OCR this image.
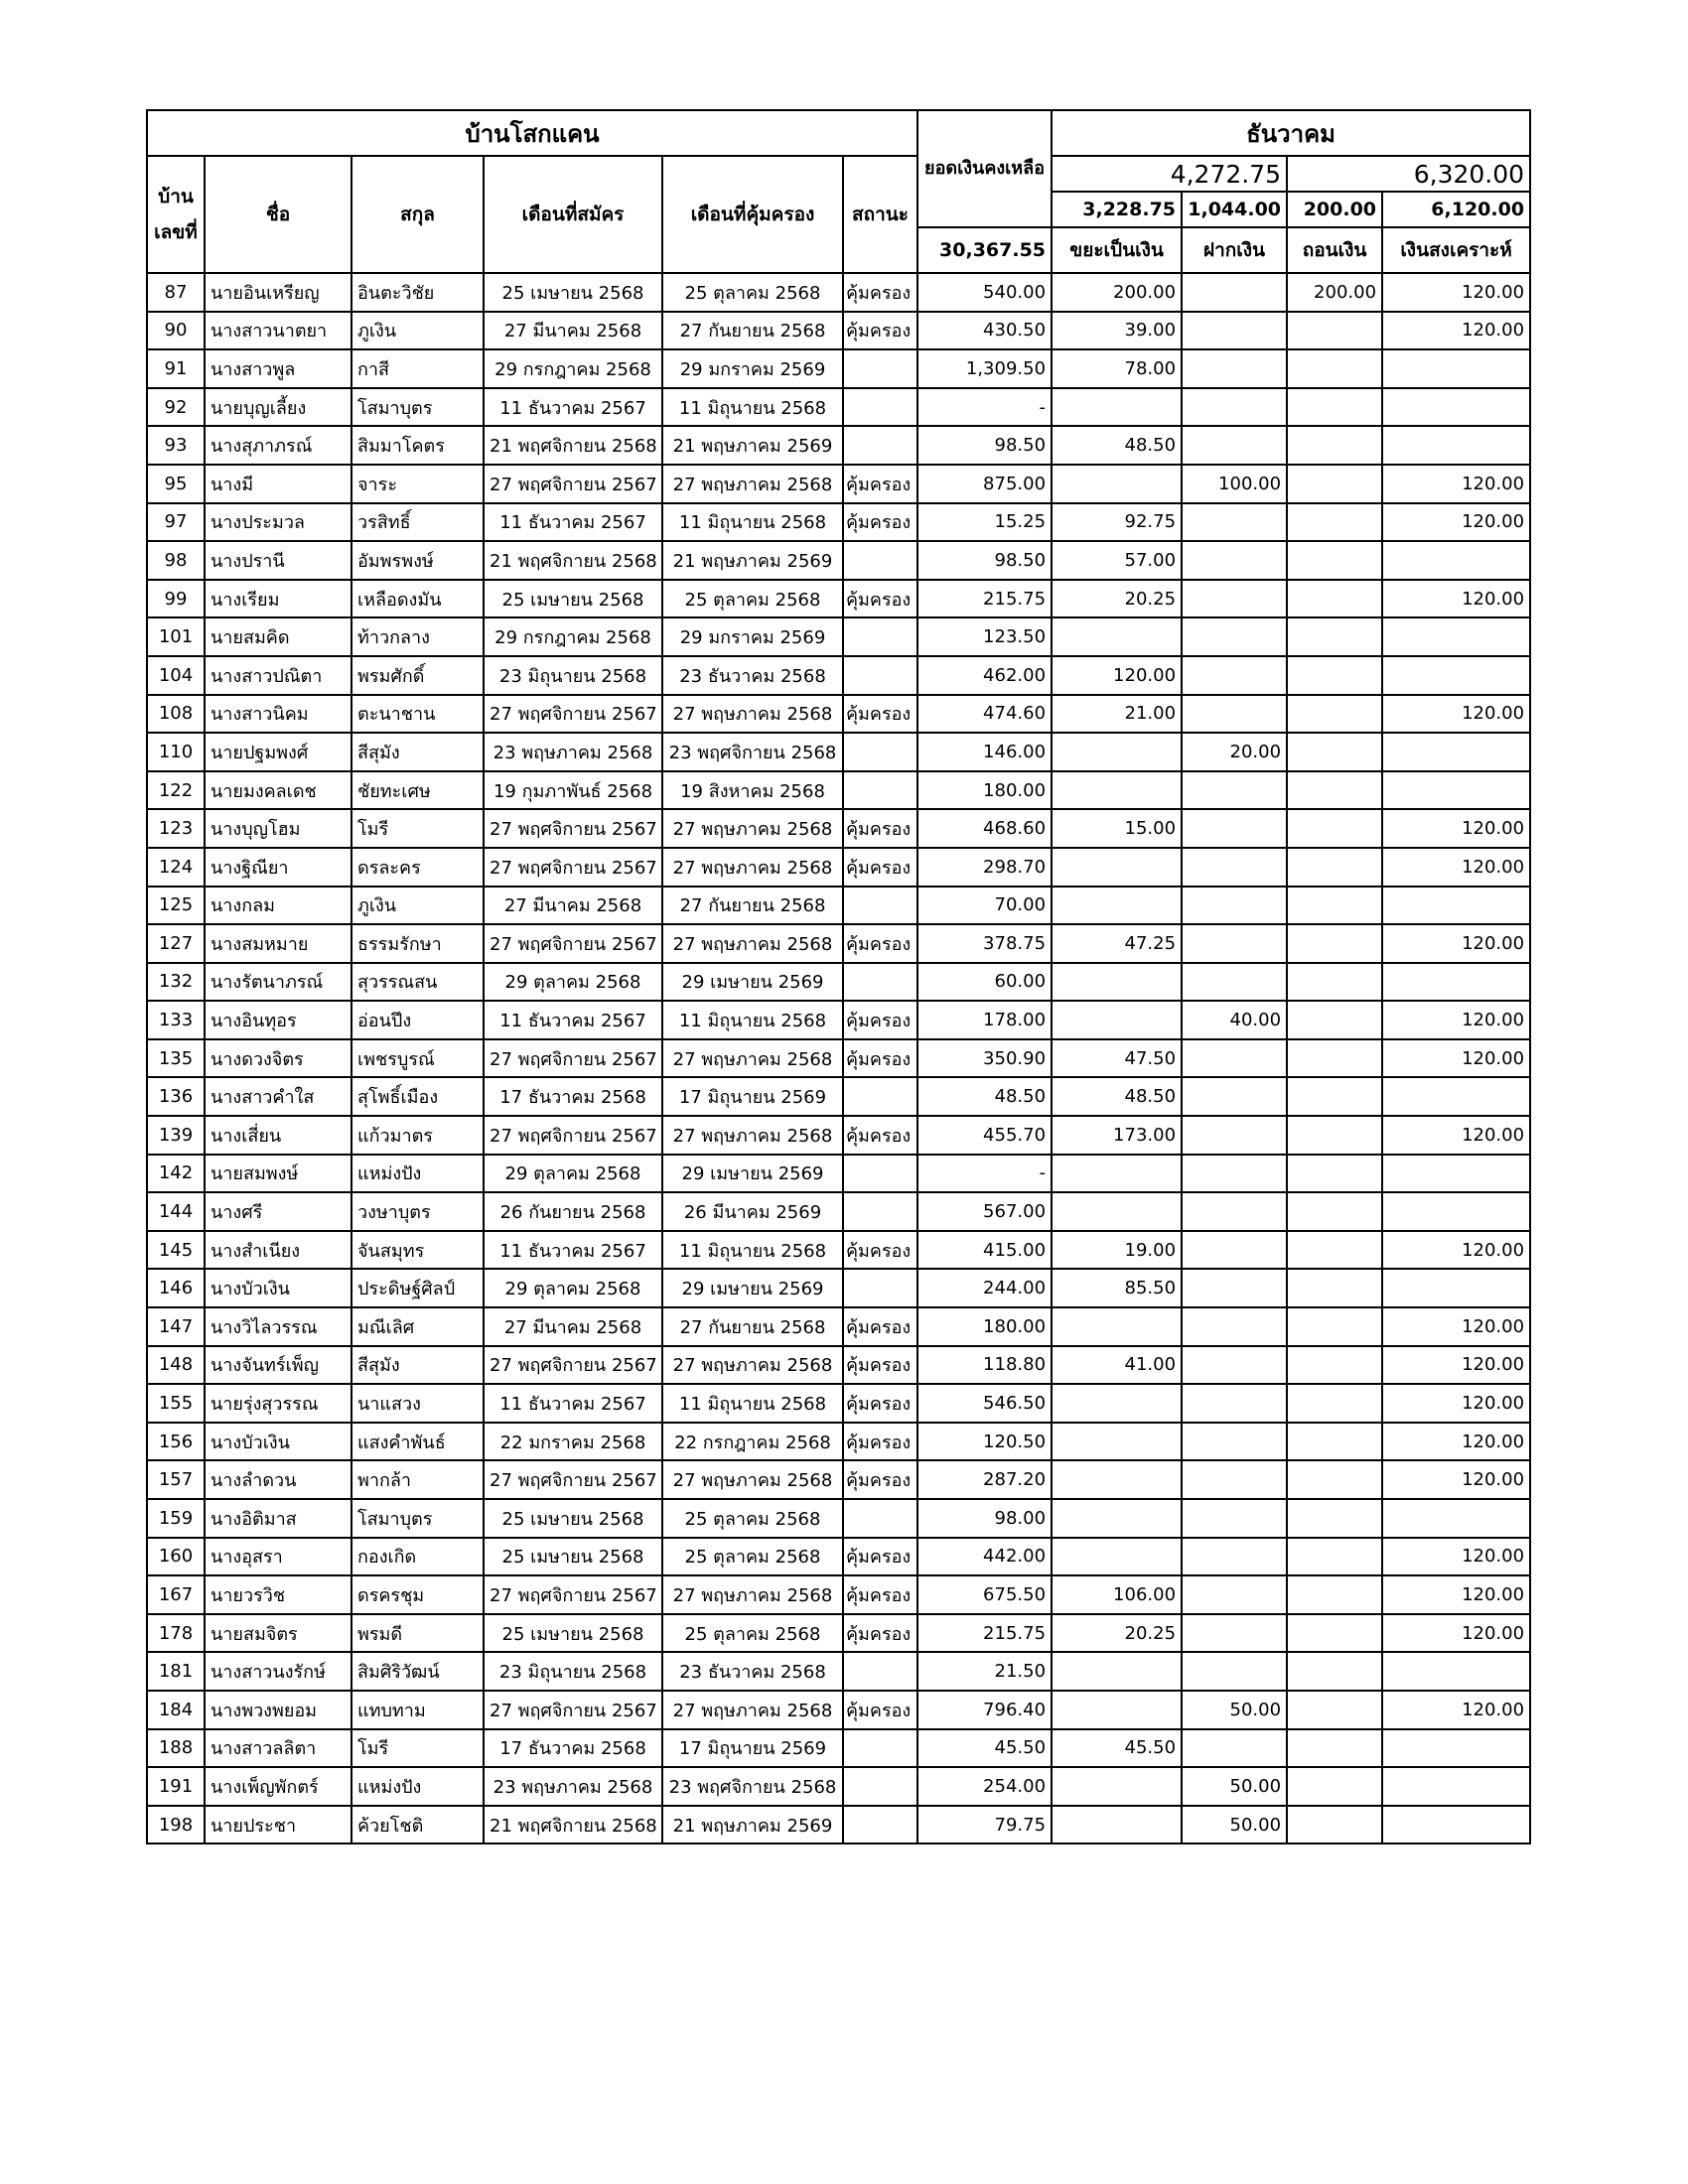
บ้านโสกแคน						ยอดเงินคงเหลือ	ธันวาคม			
บ้านเลขที่	ชื่อ	สกุล	เดือนที่สมัคร	เดือนที่คุ้มครอง	สถานะ		4,272.75		6,320.00	
							3,228.75	1,044.00	200.00	6,120.00
						30,367.55	ขยะเป็นเงิน	ฝากเงิน	ถอนเงิน	เงินสงเคราะห์
87	นายอินเหรียญ	อินตะวิชัย	25 เมษายน 2568	25 ตุลาคม 2568	คุ้มครอง	540.00	200.00		200.00	120.00
90	นางสาวนาตยา	ภูเงิน	27 มีนาคม 2568	27 กันยายน 2568	คุ้มครอง	430.50	39.00			120.00
91	นางสาวพูล	กาสี	29 กรกฎาคม 2568	29 มกราคม 2569		1,309.50	78.00			
92	นายบุญเลี้ยง	โสมาบุตร	11 ธันวาคม 2567	11 มิถุนายน 2568		-				
93	นางสุภาภรณ์	สิมมาโคตร	21 พฤศจิกายน 2568	21 พฤษภาคม 2569		98.50	48.50			
95	นางมี	จาระ	27 พฤศจิกายน 2567	27 พฤษภาคม 2568	คุ้มครอง	875.00		100.00		120.00
97	นางประมวล	วรสิทธิ์	11 ธันวาคม 2567	11 มิถุนายน 2568	คุ้มครอง	15.25	92.75			120.00
98	นางปรานี	อัมพรพงษ์	21 พฤศจิกายน 2568	21 พฤษภาคม 2569		98.50	57.00			
99	นางเรียม	เหลือดงมัน	25 เมษายน 2568	25 ตุลาคม 2568	คุ้มครอง	215.75	20.25			120.00
101	นายสมคิด	ท้าวกลาง	29 กรกฎาคม 2568	29 มกราคม 2569		123.50				
104	นางสาวปณิตา	พรมศักดิ์	23 มิถุนายน 2568	23 ธันวาคม 2568		462.00	120.00			
108	นางสาวนิคม	ตะนาชาน	27 พฤศจิกายน 2567	27 พฤษภาคม 2568	คุ้มครอง	474.60	21.00			120.00
110	นายปฐมพงศ์	สีสุมัง	23 พฤษภาคม 2568	23 พฤศจิกายน 2568		146.00		20.00		
122	นายมงคลเดช	ชัยทะเศษ	19 กุมภาพันธ์ 2568	19 สิงหาคม 2568		180.00				
123	นางบุญโฮม	โมรี	27 พฤศจิกายน 2567	27 พฤษภาคม 2568	คุ้มครอง	468.60	15.00			120.00
124	นางฐิณียา	ดรละคร	27 พฤศจิกายน 2567	27 พฤษภาคม 2568	คุ้มครอง	298.70				120.00
125	นางกลม	ภูเงิน	27 มีนาคม 2568	27 กันยายน 2568		70.00				
127	นางสมหมาย	ธรรมรักษา	27 พฤศจิกายน 2567	27 พฤษภาคม 2568	คุ้มครอง	378.75	47.25			120.00
132	นางรัตนาภรณ์	สุวรรณสน	29 ตุลาคม 2568	29 เมษายน 2569		60.00				
133	นางอินทุอร	อ่อนปึง	11 ธันวาคม 2567	11 มิถุนายน 2568	คุ้มครอง	178.00		40.00		120.00
135	นางดวงจิตร	เพชรบูรณ์	27 พฤศจิกายน 2567	27 พฤษภาคม 2568	คุ้มครอง	350.90	47.50			120.00
136	นางสาวคำใส	สุโพธิ์เมือง	17 ธันวาคม 2568	17 มิถุนายน 2569		48.50	48.50			
139	นางเสี่ยน	แก้วมาตร	27 พฤศจิกายน 2567	27 พฤษภาคม 2568	คุ้มครอง	455.70	173.00			120.00
142	นายสมพงษ์	แหม่งปัง	29 ตุลาคม 2568	29 เมษายน 2569		-				
144	นางศรี	วงษาบุตร	26 กันยายน 2568	26 มีนาคม 2569		567.00				
145	นางสำเนียง	จันสมุทร	11 ธันวาคม 2567	11 มิถุนายน 2568	คุ้มครอง	415.00	19.00			120.00
146	นางบัวเงิน	ประดิษฐ์ศิลป์	29 ตุลาคม 2568	29 เมษายน 2569		244.00	85.50			
147	นางวิไลวรรณ	มณีเลิศ	27 มีนาคม 2568	27 กันยายน 2568	คุ้มครอง	180.00				120.00
148	นางจันทร์เพ็ญ	สีสุมัง	27 พฤศจิกายน 2567	27 พฤษภาคม 2568	คุ้มครอง	118.80	41.00			120.00
155	นายรุ่งสุวรรณ	นาแสวง	11 ธันวาคม 2567	11 มิถุนายน 2568	คุ้มครอง	546.50				120.00
156	นางบัวเงิน	แสงคำพันธ์	22 มกราคม 2568	22 กรกฎาคม 2568	คุ้มครอง	120.50				120.00
157	นางลำดวน	พากล้า	27 พฤศจิกายน 2567	27 พฤษภาคม 2568	คุ้มครอง	287.20				120.00
159	นางอิติมาส	โสมาบุตร	25 เมษายน 2568	25 ตุลาคม 2568		98.00				
160	นางอุสรา	กองเกิด	25 เมษายน 2568	25 ตุลาคม 2568	คุ้มครอง	442.00				120.00
167	นายวรวิช	ดรครชุม	27 พฤศจิกายน 2567	27 พฤษภาคม 2568	คุ้มครอง	675.50	106.00			120.00
178	นายสมจิตร	พรมดี	25 เมษายน 2568	25 ตุลาคม 2568	คุ้มครอง	215.75	20.25			120.00
181	นางสาวนงรักษ์	สิมศิริวัฒน์	23 มิถุนายน 2568	23 ธันวาคม 2568		21.50				
184	นางพวงพยอม	แทบทาม	27 พฤศจิกายน 2567	27 พฤษภาคม 2568	คุ้มครอง	796.40		50.00		120.00
188	นางสาวลลิตา	โมรี	17 ธันวาคม 2568	17 มิถุนายน 2569		45.50	45.50			
191	นางเพ็ญพักตร์	แหม่งปัง	23 พฤษภาคม 2568	23 พฤศจิกายน 2568		254.00		50.00		
198	นายประชา	ค้วยโชติ	21 พฤศจิกายน 2568	21 พฤษภาคม 2569		79.75		50.00		
